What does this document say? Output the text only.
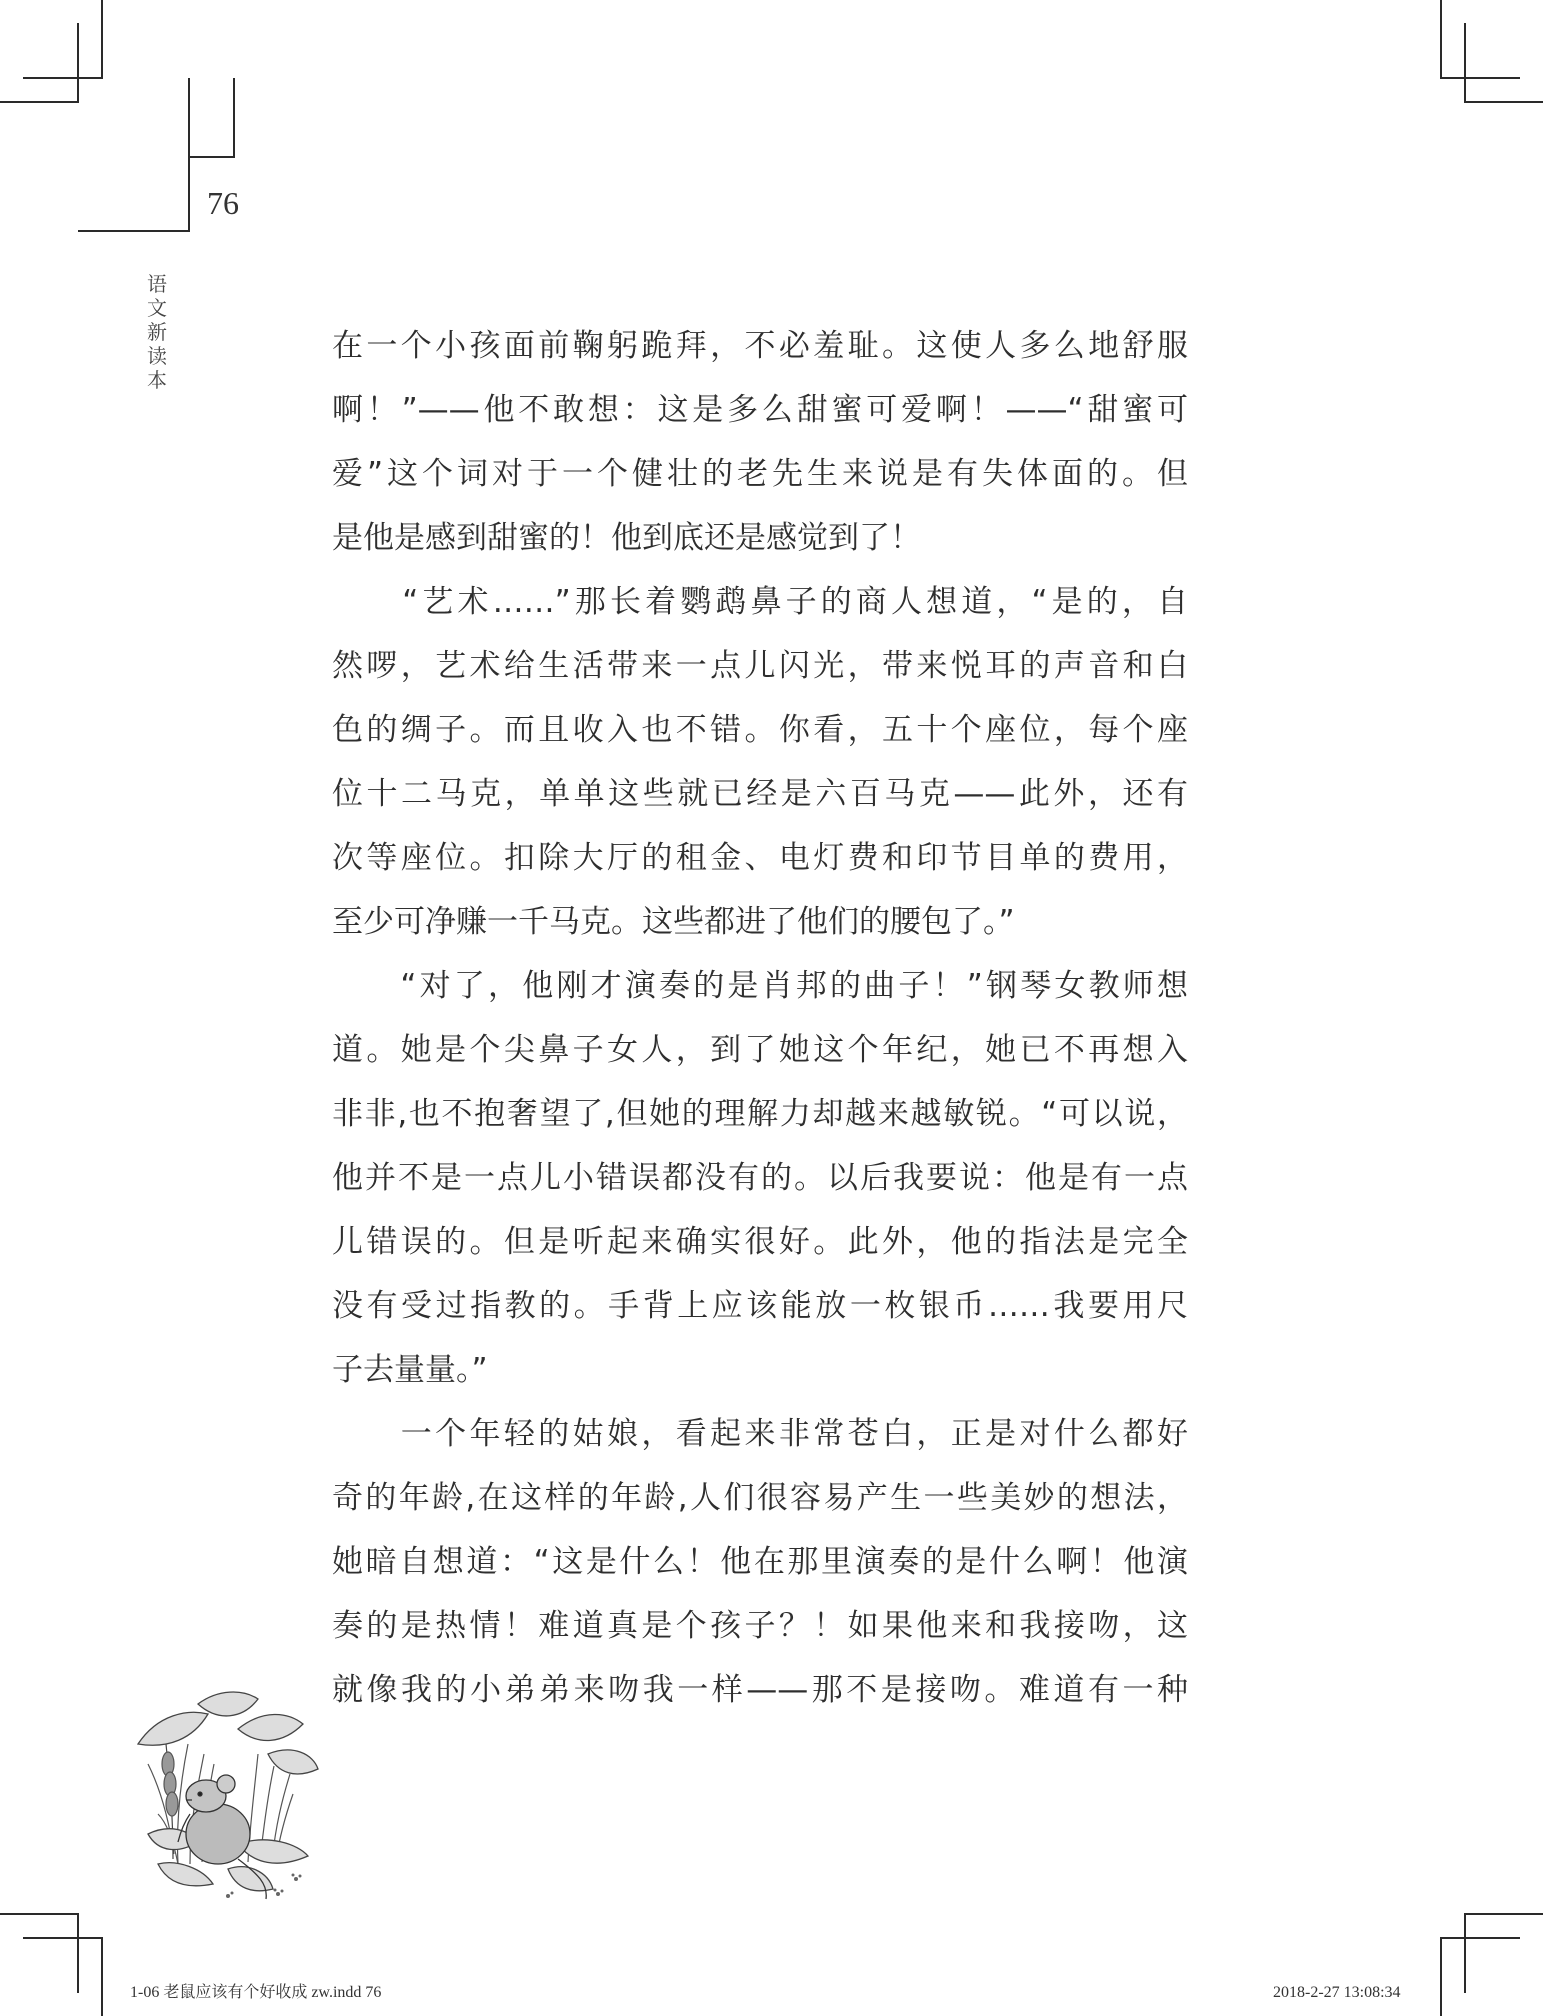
76
语文新读本
在一个小孩面前鞠躬跪拜，不必羞耻。这使人多么地舒服
啊！”——他不敢想：这是多么甜蜜可爱啊！——“甜蜜可
爱”这个词对于一个健壮的老先生来说是有失体面的。但
是他是感到甜蜜的！他到底还是感觉到了！
　　“艺术……”那长着鹦鹉鼻子的商人想道，“是的，自
然啰，艺术给生活带来一点儿闪光，带来悦耳的声音和白
色的绸子。而且收入也不错。你看，五十个座位，每个座
位十二马克，单单这些就已经是六百马克——此外，还有
次等座位。扣除大厅的租金、电灯费和印节目单的费用，
至少可净赚一千马克。这些都进了他们的腰包了。”
　　“对了，他刚才演奏的是肖邦的曲子！”钢琴女教师想
道。她是个尖鼻子女人，到了她这个年纪，她已不再想入
非非,也不抱奢望了,但她的理解力却越来越敏锐。“可以说，
他并不是一点儿小错误都没有的。以后我要说：他是有一点
儿错误的。但是听起来确实很好。此外，他的指法是完全
没有受过指教的。手背上应该能放一枚银币……我要用尺
子去量量。”
　　一个年轻的姑娘，看起来非常苍白，正是对什么都好
奇的年龄,在这样的年龄,人们很容易产生一些美妙的想法，
她暗自想道：“这是什么！他在那里演奏的是什么啊！他演
奏的是热情！难道真是个孩子？！如果他来和我接吻，这
就像我的小弟弟来吻我一样——那不是接吻。难道有一种
1-06 老鼠应该有个好收成 zw.indd 76	2018-2-27 13:08:34
